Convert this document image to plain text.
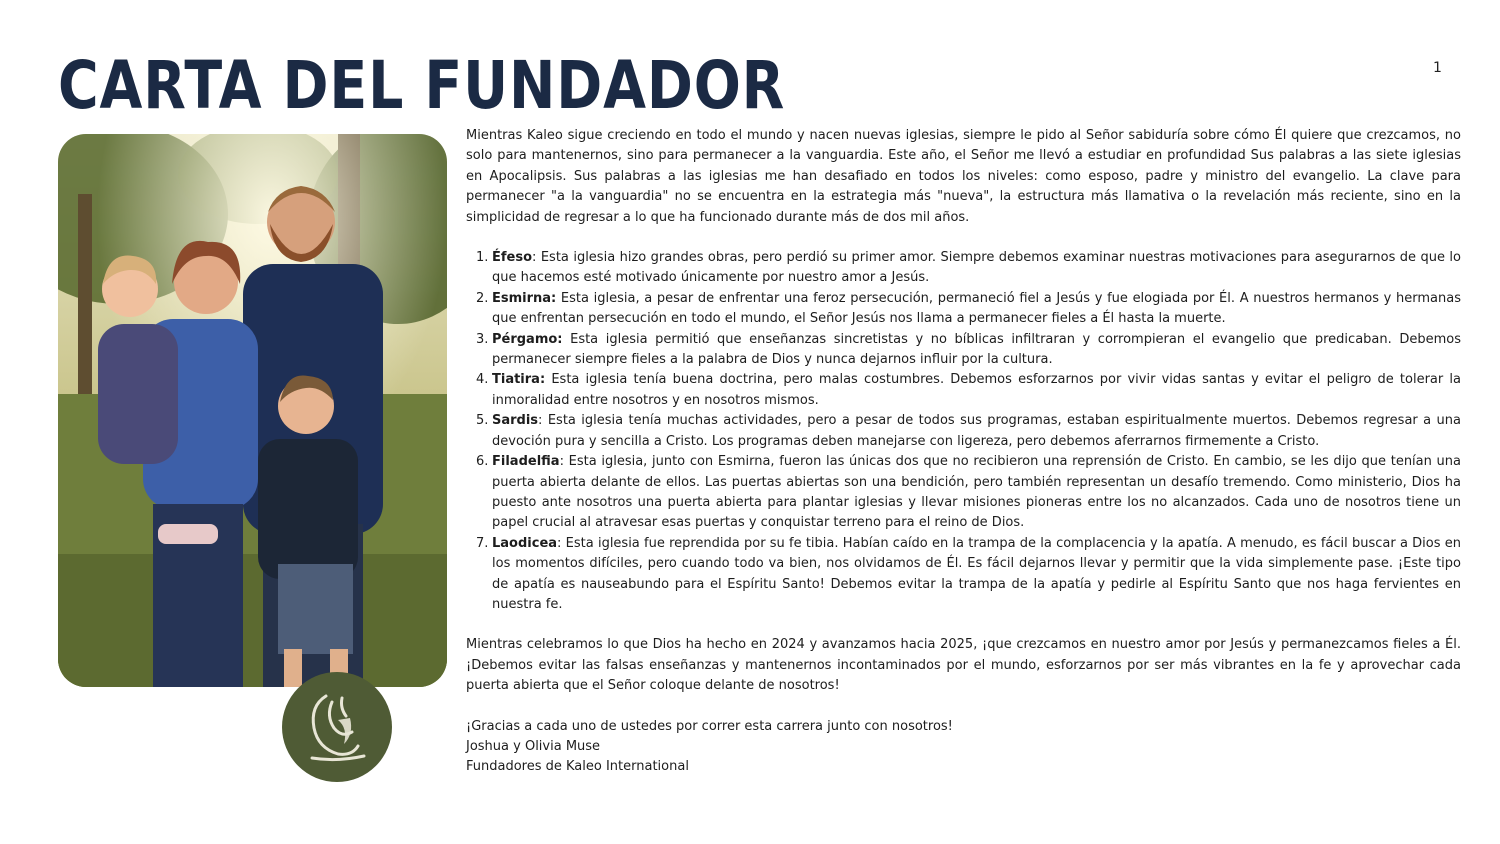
CARTA DEL FUNDADOR	1

Mientras Kaleo sigue creciendo en todo el mundo y nacen nuevas iglesias, siempre le pido al Señor sabiduría sobre cómo Él quiere que crezcamos, no solo para mantenernos, sino para permanecer a la vanguardia. Este año, el Señor me llevó a estudiar en profundidad Sus palabras a las siete iglesias en Apocalipsis. Sus palabras a las iglesias me han desafiado en todos los niveles: como esposo, padre y ministro del evangelio. La clave para permanecer "a la vanguardia" no se encuentra en la estrategia más "nueva", la estructura más llamativa o la revelación más reciente, sino en la simplicidad de regresar a lo que ha funcionado durante más de dos mil años.

1. Éfeso: Esta iglesia hizo grandes obras, pero perdió su primer amor. Siempre debemos examinar nuestras motivaciones para asegurarnos de que lo que hacemos esté motivado únicamente por nuestro amor a Jesús.
2. Esmirna: Esta iglesia, a pesar de enfrentar una feroz persecución, permaneció fiel a Jesús y fue elogiada por Él. A nuestros hermanos y hermanas que enfrentan persecución en todo el mundo, el Señor Jesús nos llama a permanecer fieles a Él hasta la muerte.
3. Pérgamo: Esta iglesia permitió que enseñanzas sincretistas y no bíblicas infiltraran y corrompieran el evangelio que predicaban. Debemos permanecer siempre fieles a la palabra de Dios y nunca dejarnos influir por la cultura.
4. Tiatira: Esta iglesia tenía buena doctrina, pero malas costumbres. Debemos esforzarnos por vivir vidas santas y evitar el peligro de tolerar la inmoralidad entre nosotros y en nosotros mismos.
5. Sardis: Esta iglesia tenía muchas actividades, pero a pesar de todos sus programas, estaban espiritualmente muertos. Debemos regresar a una devoción pura y sencilla a Cristo. Los programas deben manejarse con ligereza, pero debemos aferrarnos firmemente a Cristo.
6. Filadelfia: Esta iglesia, junto con Esmirna, fueron las únicas dos que no recibieron una reprensión de Cristo. En cambio, se les dijo que tenían una puerta abierta delante de ellos. Las puertas abiertas son una bendición, pero también representan un desafío tremendo. Como ministerio, Dios ha puesto ante nosotros una puerta abierta para plantar iglesias y llevar misiones pioneras entre los no alcanzados. Cada uno de nosotros tiene un papel crucial al atravesar esas puertas y conquistar terreno para el reino de Dios.
7. Laodicea: Esta iglesia fue reprendida por su fe tibia. Habían caído en la trampa de la complacencia y la apatía. A menudo, es fácil buscar a Dios en los momentos difíciles, pero cuando todo va bien, nos olvidamos de Él. Es fácil dejarnos llevar y permitir que la vida simplemente pase. ¡Este tipo de apatía es nauseabundo para el Espíritu Santo! Debemos evitar la trampa de la apatía y pedirle al Espíritu Santo que nos haga fervientes en nuestra fe.

Mientras celebramos lo que Dios ha hecho en 2024 y avanzamos hacia 2025, ¡que crezcamos en nuestro amor por Jesús y permanezcamos fieles a Él. ¡Debemos evitar las falsas enseñanzas y mantenernos incontaminados por el mundo, esforzarnos por ser más vibrantes en la fe y aprovechar cada puerta abierta que el Señor coloque delante de nosotros!

¡Gracias a cada uno de ustedes por correr esta carrera junto con nosotros!

Joshua y Olivia Muse

Fundadores de Kaleo International
